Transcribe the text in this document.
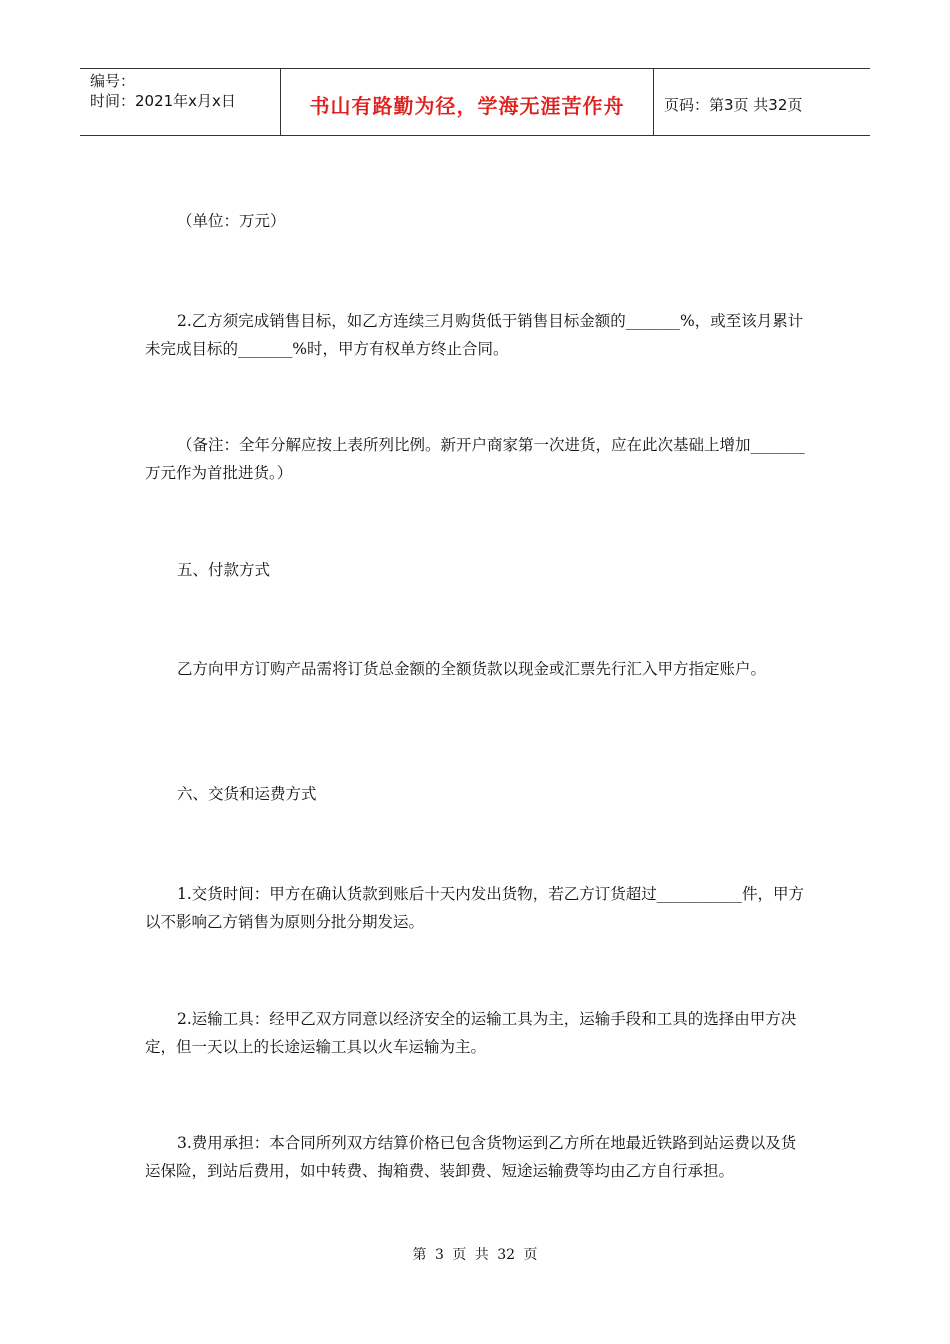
编号：
时间：2021年x月x日	书山有路勤为径，学海无涯苦作舟	页码：第3页 共32页

（单位：万元）

2.乙方须完成销售目标，如乙方连续三月购货低于销售目标金额的_______%，或至该月累计未完成目标的_______%时，甲方有权单方终止合同。

（备注：全年分解应按上表所列比例。新开户商家第一次进货，应在此次基础上增加_______万元作为首批进货。）

五、付款方式

乙方向甲方订购产品需将订货总金额的全额货款以现金或汇票先行汇入甲方指定账户。

六、交货和运费方式

1.交货时间：甲方在确认货款到账后十天内发出货物，若乙方订货超过___________件，甲方以不影响乙方销售为原则分批分期发运。

2.运输工具：经甲乙双方同意以经济安全的运输工具为主，运输手段和工具的选择由甲方决定，但一天以上的长途运输工具以火车运输为主。

3.费用承担：本合同所列双方结算价格已包含货物运到乙方所在地最近铁路到站运费以及货运保险，到站后费用，如中转费、掏箱费、装卸费、短途运输费等均由乙方自行承担。

第 3 页 共 32 页
